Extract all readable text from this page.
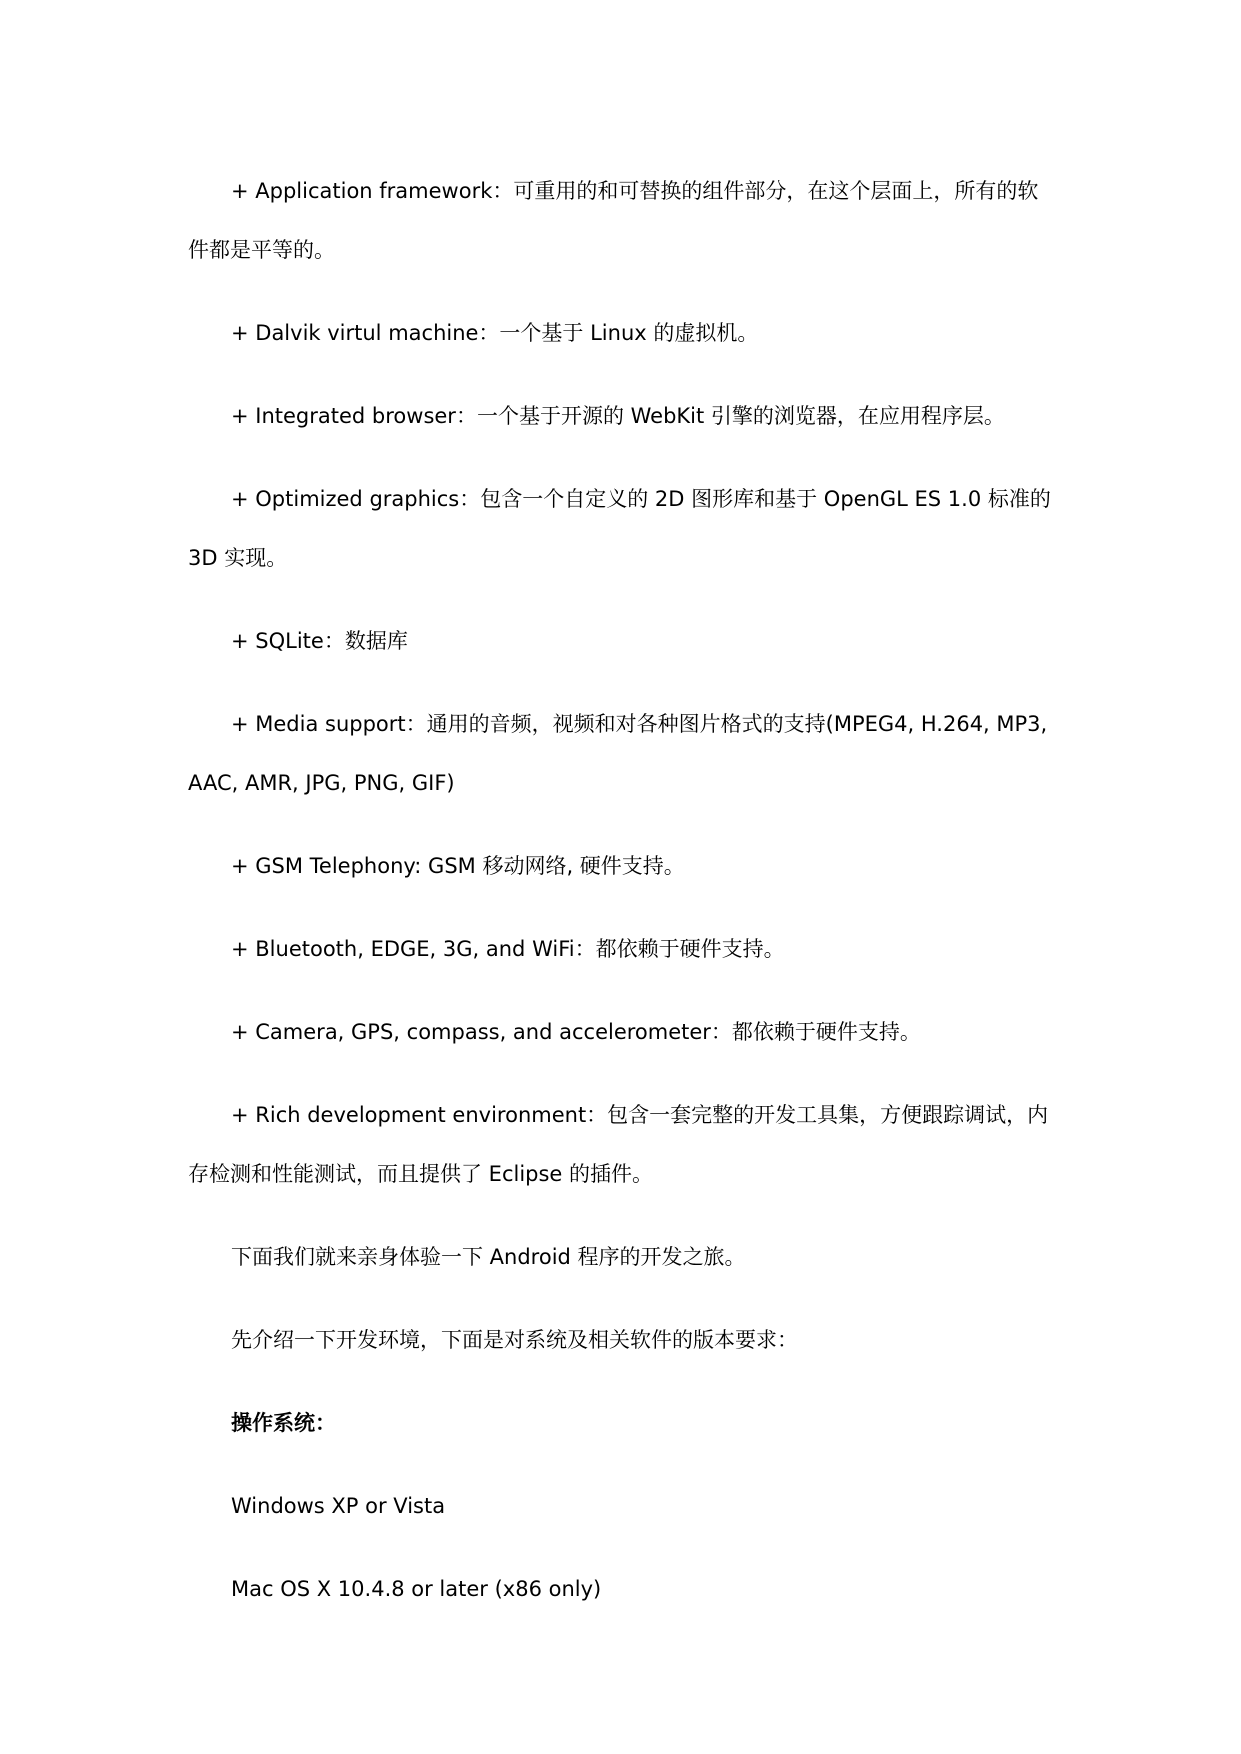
+ Application framework：可重用的和可替换的组件部分，在这个层面上，所有的软件都是平等的。

+ Dalvik virtul machine：一个基于 Linux 的虚拟机。

+ Integrated browser：一个基于开源的 WebKit 引擎的浏览器，在应用程序层。

+ Optimized graphics：包含一个自定义的 2D 图形库和基于 OpenGL ES 1.0 标准的 3D 实现。

+ SQLite：数据库

+ Media support：通用的音频，视频和对各种图片格式的支持(MPEG4, H.264, MP3, AAC, AMR, JPG, PNG, GIF)

+ GSM Telephony: GSM 移动网络, 硬件支持。

+ Bluetooth, EDGE, 3G, and WiFi：都依赖于硬件支持。

+ Camera, GPS, compass, and accelerometer：都依赖于硬件支持。

+ Rich development environment：包含一套完整的开发工具集，方便跟踪调试，内存检测和性能测试，而且提供了 Eclipse 的插件。

下面我们就来亲身体验一下 Android 程序的开发之旅。

先介绍一下开发环境，下面是对系统及相关软件的版本要求：

操作系统：

Windows XP or Vista

Mac OS X 10.4.8 or later (x86 only)
